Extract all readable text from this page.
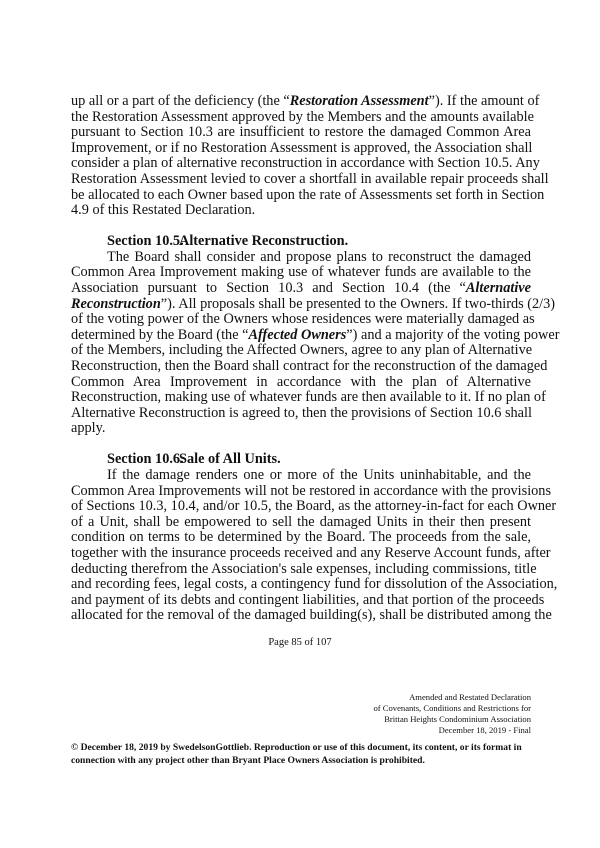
up all or a part of the deficiency (the “Restoration Assessment”). If the amount of
the Restoration Assessment approved by the Members and the amounts available
pursuant to Section 10.3 are insufficient to restore the damaged Common Area
Improvement, or if no Restoration Assessment is approved, the Association shall
consider a plan of alternative reconstruction in accordance with Section 10.5. Any
Restoration Assessment levied to cover a shortfall in available repair proceeds shall
be allocated to each Owner based upon the rate of Assessments set forth in Section
4.9 of this Restated Declaration.
Section 10.5.Alternative Reconstruction.
The Board shall consider and propose plans to reconstruct the damaged
Common Area Improvement making use of whatever funds are available to the
Association pursuant to Section 10.3 and Section 10.4 (the “Alternative
Reconstruction”). All proposals shall be presented to the Owners. If two-thirds (2/3)
of the voting power of the Owners whose residences were materially damaged as
determined by the Board (the “Affected Owners”) and a majority of the voting power
of the Members, including the Affected Owners, agree to any plan of Alternative
Reconstruction, then the Board shall contract for the reconstruction of the damaged
Common Area Improvement in accordance with the plan of Alternative
Reconstruction, making use of whatever funds are then available to it. If no plan of
Alternative Reconstruction is agreed to, then the provisions of Section 10.6 shall
apply.
Section 10.6.Sale of All Units.
If the damage renders one or more of the Units uninhabitable, and the
Common Area Improvements will not be restored in accordance with the provisions
of Sections 10.3, 10.4, and/or 10.5, the Board, as the attorney-in-fact for each Owner
of a Unit, shall be empowered to sell the damaged Units in their then present
condition on terms to be determined by the Board. The proceeds from the sale,
together with the insurance proceeds received and any Reserve Account funds, after
deducting therefrom the Association's sale expenses, including commissions, title
and recording fees, legal costs, a contingency fund for dissolution of the Association,
and payment of its debts and contingent liabilities, and that portion of the proceeds
allocated for the removal of the damaged building(s), shall be distributed among the
Page 85 of 107
Amended and Restated Declaration
of Covenants, Conditions and Restrictions for
Brittan Heights Condominium Association
December 18, 2019 - Final
© December 18, 2019 by SwedelsonGottlieb. Reproduction or use of this document, its content, or its format in connection with any project other than Bryant Place Owners Association is prohibited.
